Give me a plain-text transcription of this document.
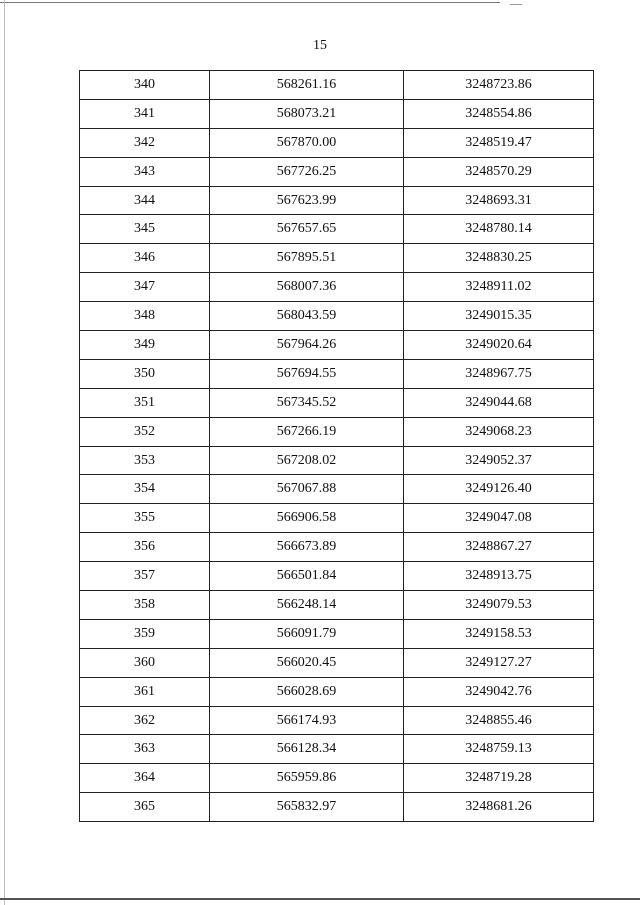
15
340	568261.16	3248723.86
341	568073.21	3248554.86
342	567870.00	3248519.47
343	567726.25	3248570.29
344	567623.99	3248693.31
345	567657.65	3248780.14
346	567895.51	3248830.25
347	568007.36	3248911.02
348	568043.59	3249015.35
349	567964.26	3249020.64
350	567694.55	3248967.75
351	567345.52	3249044.68
352	567266.19	3249068.23
353	567208.02	3249052.37
354	567067.88	3249126.40
355	566906.58	3249047.08
356	566673.89	3248867.27
357	566501.84	3248913.75
358	566248.14	3249079.53
359	566091.79	3249158.53
360	566020.45	3249127.27
361	566028.69	3249042.76
362	566174.93	3248855.46
363	566128.34	3248759.13
364	565959.86	3248719.28
365	565832.97	3248681.26
